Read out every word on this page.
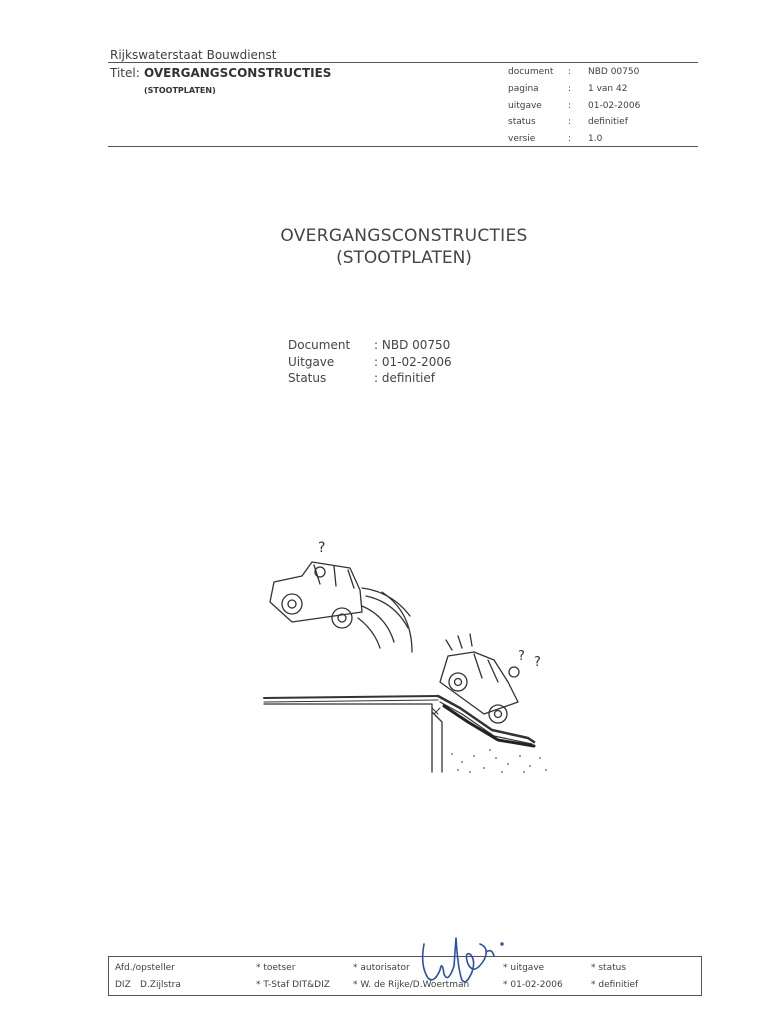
Rijkswaterstaat Bouwdienst
Titel: OVERGANGSCONSTRUCTIES
(STOOTPLATEN)
document : NBD 00750
pagina	: 1 van 42
uitgave	: 01-02-2006
status	: definitief
versie	: 1.0
OVERGANGSCONSTRUCTIES
(STOOTPLATEN)
Document : NBD 00750
Uitgave	: 01-02-2006
Status	: definitief
?
? ?
Afd./opsteller	* toetser	* autorisator	* uitgave	* status
DIZ D.Zijlstra	* T-Staf DIT&DIZ	* W. de Rijke/D.Woertman	* 01-02-2006	* definitief
